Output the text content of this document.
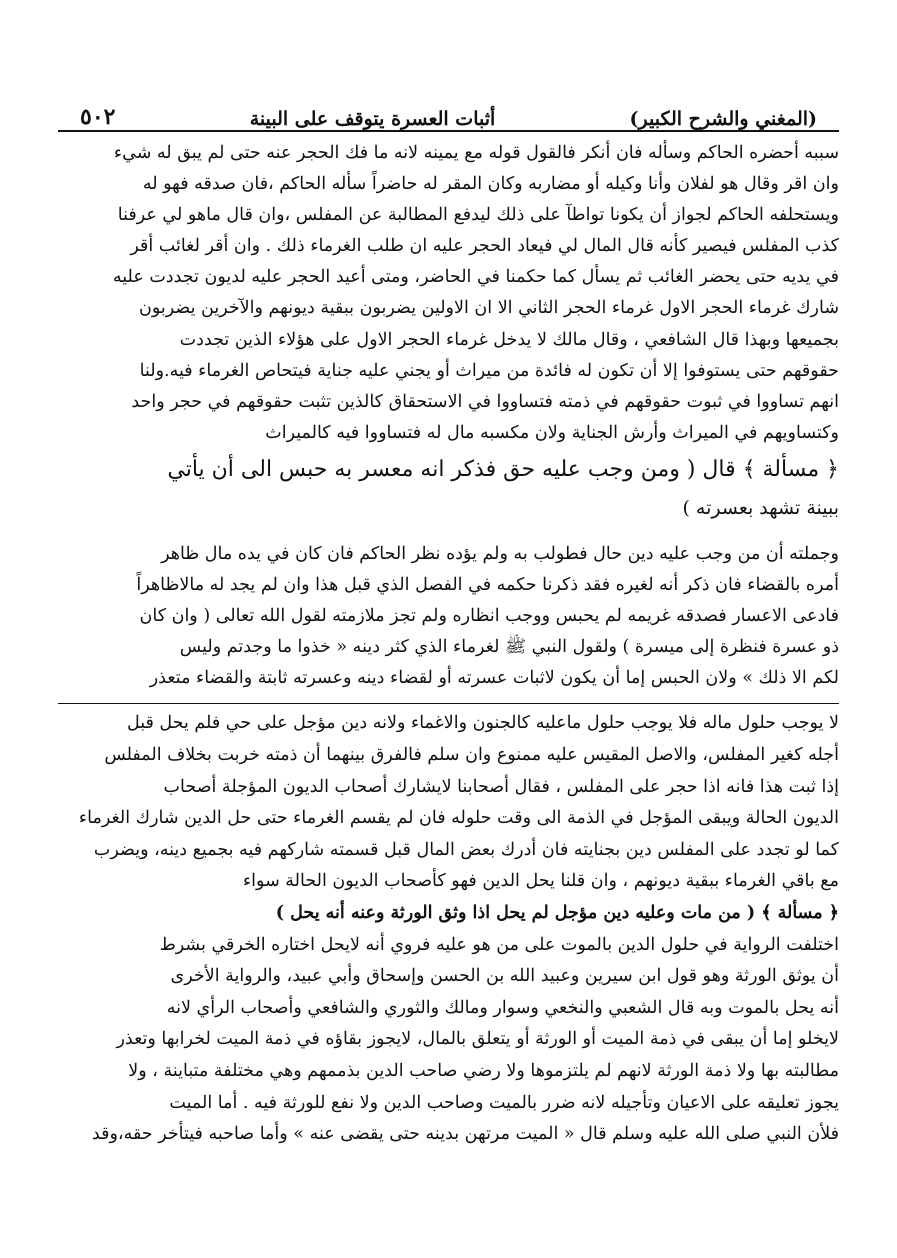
٥٠٢	أثبات العسرة يتوقف على البينة	(المغني والشرح الكبير)
سببه أحضره الحاكم وسأله فان أنكر فالقول قوله مع يمينه لانه ما فك الحجر عنه حتى لم يبق له شيء
وان اقر وقال هو لفلان وأنا وكيله أو مضاربه وكان المقر له حاضراً سأله الحاكم ،فان صدقه فهو له
ويستحلفه الحاكم لجواز أن يكونا تواطآ على ذلك ليدفع المطالبة عن المفلس ،وان قال ماهو لي عرفنا
كذب المفلس فيصير كأنه قال المال لي فيعاد الحجر عليه ان طلب الغرماء ذلك . وان أقر لغائب أقر
في يديه حتى يحضر الغائب ثم يسأل كما حكمنا في الحاضر، ومتى أعيد الحجر عليه لديون تجددت عليه
شارك غرماء الحجر الاول غرماء الحجر الثاني الا ان الاولين يضربون ببقية ديونهم والآخرين يضربون
بجميعها وبهذا قال الشافعي ، وقال مالك لا يدخل غرماء الحجر الاول على هؤلاء الذين تجددت
حقوقهم حتى يستوفوا إلا أن تكون له فائدة من ميراث أو يجني عليه جناية فيتحاص الغرماء فيه.ولنا
انهم تساووا في ثبوت حقوقهم في ذمته فتساووا في الاستحقاق كالذين تثبت حقوقهم في حجر واحد
وكتساويهم في الميراث وأرش الجناية ولان مكسبه مال له فتساووا فيه كالميراث
﴿ مسألة ﴾ قال ( ومن وجب عليه حق فذكر انه معسر به حبس الى أن يأتي
ببينة تشهد بعسرته )
وجملته أن من وجب عليه دين حال فطولب به ولم يؤده نظر الحاكم فان كان في يده مال ظاهر
أمره بالقضاء فان ذكر أنه لغيره فقد ذكرنا حكمه في الفصل الذي قبل هذا وان لم يجد له مالاظاهراً
فادعى الاعسار فصدقه غريمه لم يحبس ووجب انظاره ولم تجز ملازمته لقول الله تعالى ( وان كان
ذو عسرة فنظرة إلى ميسرة ) ولقول النبي ﷺ لغرماء الذي كثر دينه « خذوا ما وجدتم وليس
لكم الا ذلك » ولان الحبس إما أن يكون لاثبات عسرته أو لقضاء دينه وعسرته ثابتة والقضاء متعذر
لا يوجب حلول ماله فلا يوجب حلول ماعليه كالجنون والاغماء ولانه دين مؤجل على حي فلم يحل قبل
أجله كغير المفلس، والاصل المقيس عليه ممنوع وان سلم فالفرق بينهما أن ذمته خربت بخلاف المفلس
إذا ثبت هذا فانه اذا حجر على المفلس ، فقال أصحابنا لايشارك أصحاب الديون المؤجلة أصحاب
الديون الحالة ويبقى المؤجل في الذمة الى وقت حلوله فان لم يقسم الغرماء حتى حل الدين شارك الغرماء
كما لو تجدد على المفلس دين بجنايته فان أدرك بعض المال قبل قسمته شاركهم فيه بجميع دينه، ويضرب
مع باقي الغرماء ببقية ديونهم ، وان قلنا يحل الدين فهو كأصحاب الديون الحالة سواء
﴿ مسألة ﴾ ( من مات وعليه دين مؤجل لم يحل اذا وثق الورثة وعنه أنه يحل )
اختلفت الرواية في حلول الدين بالموت على من هو عليه فروي أنه لايحل اختاره الخرقي بشرط
أن يوثق الورثة وهو قول ابن سيرين وعبيد الله بن الحسن وإسحاق وأبي عبيد، والرواية الأخرى
أنه يحل بالموت وبه قال الشعبي والنخعي وسوار ومالك والثوري والشافعي وأصحاب الرأي لانه
لايخلو إما أن يبقى في ذمة الميت أو الورثة أو يتعلق بالمال، لايجوز بقاؤه في ذمة الميت لخرابها وتعذر
مطالبته بها ولا ذمة الورثة لانهم لم يلتزموها ولا رضي صاحب الدين بذممهم وهي مختلفة متباينة ، ولا
يجوز تعليقه على الاعيان وتأجيله لانه ضرر بالميت وصاحب الدين ولا نفع للورثة فيه . أما الميت
فلأن النبي صلى الله عليه وسلم قال « الميت مرتهن بدينه حتى يقضى عنه » وأما صاحبه فيتأخر حقه،وقد
